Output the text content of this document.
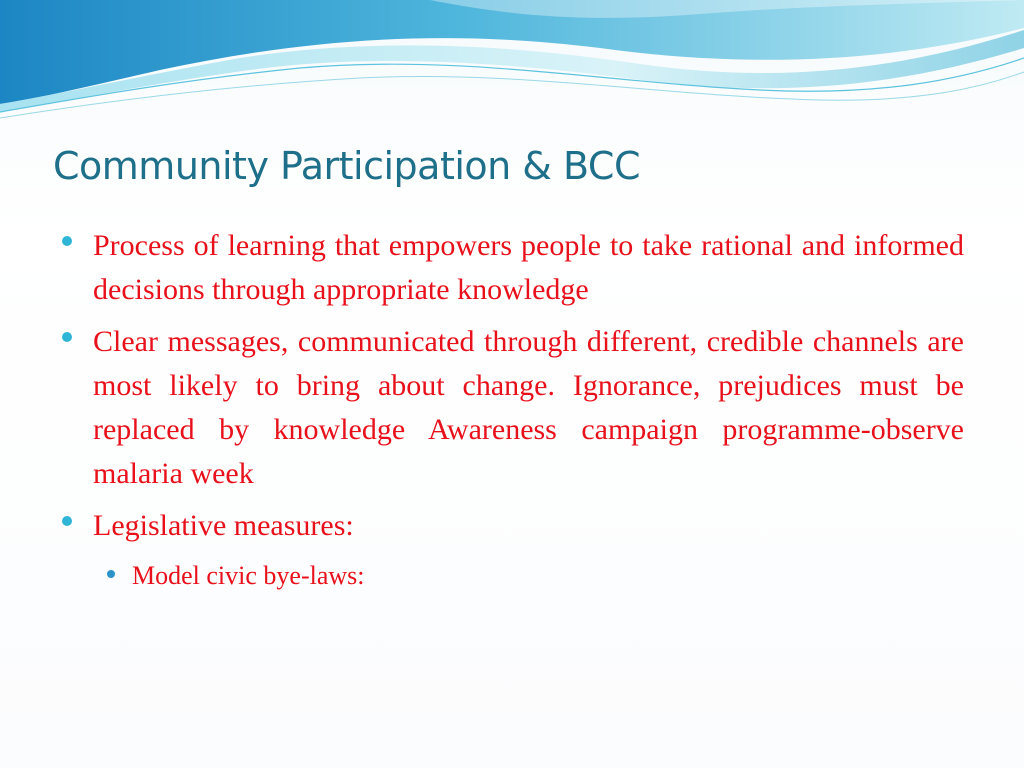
Community Participation & BCC
Process of learning that empowers people to take rational and informed decisions through appropriate knowledge
Clear messages, communicated through different, credible channels are most likely to bring about change. Ignorance, prejudices must be replaced by knowledge Awareness campaign programme-observe malaria week
Legislative measures:
Model civic bye-laws:
